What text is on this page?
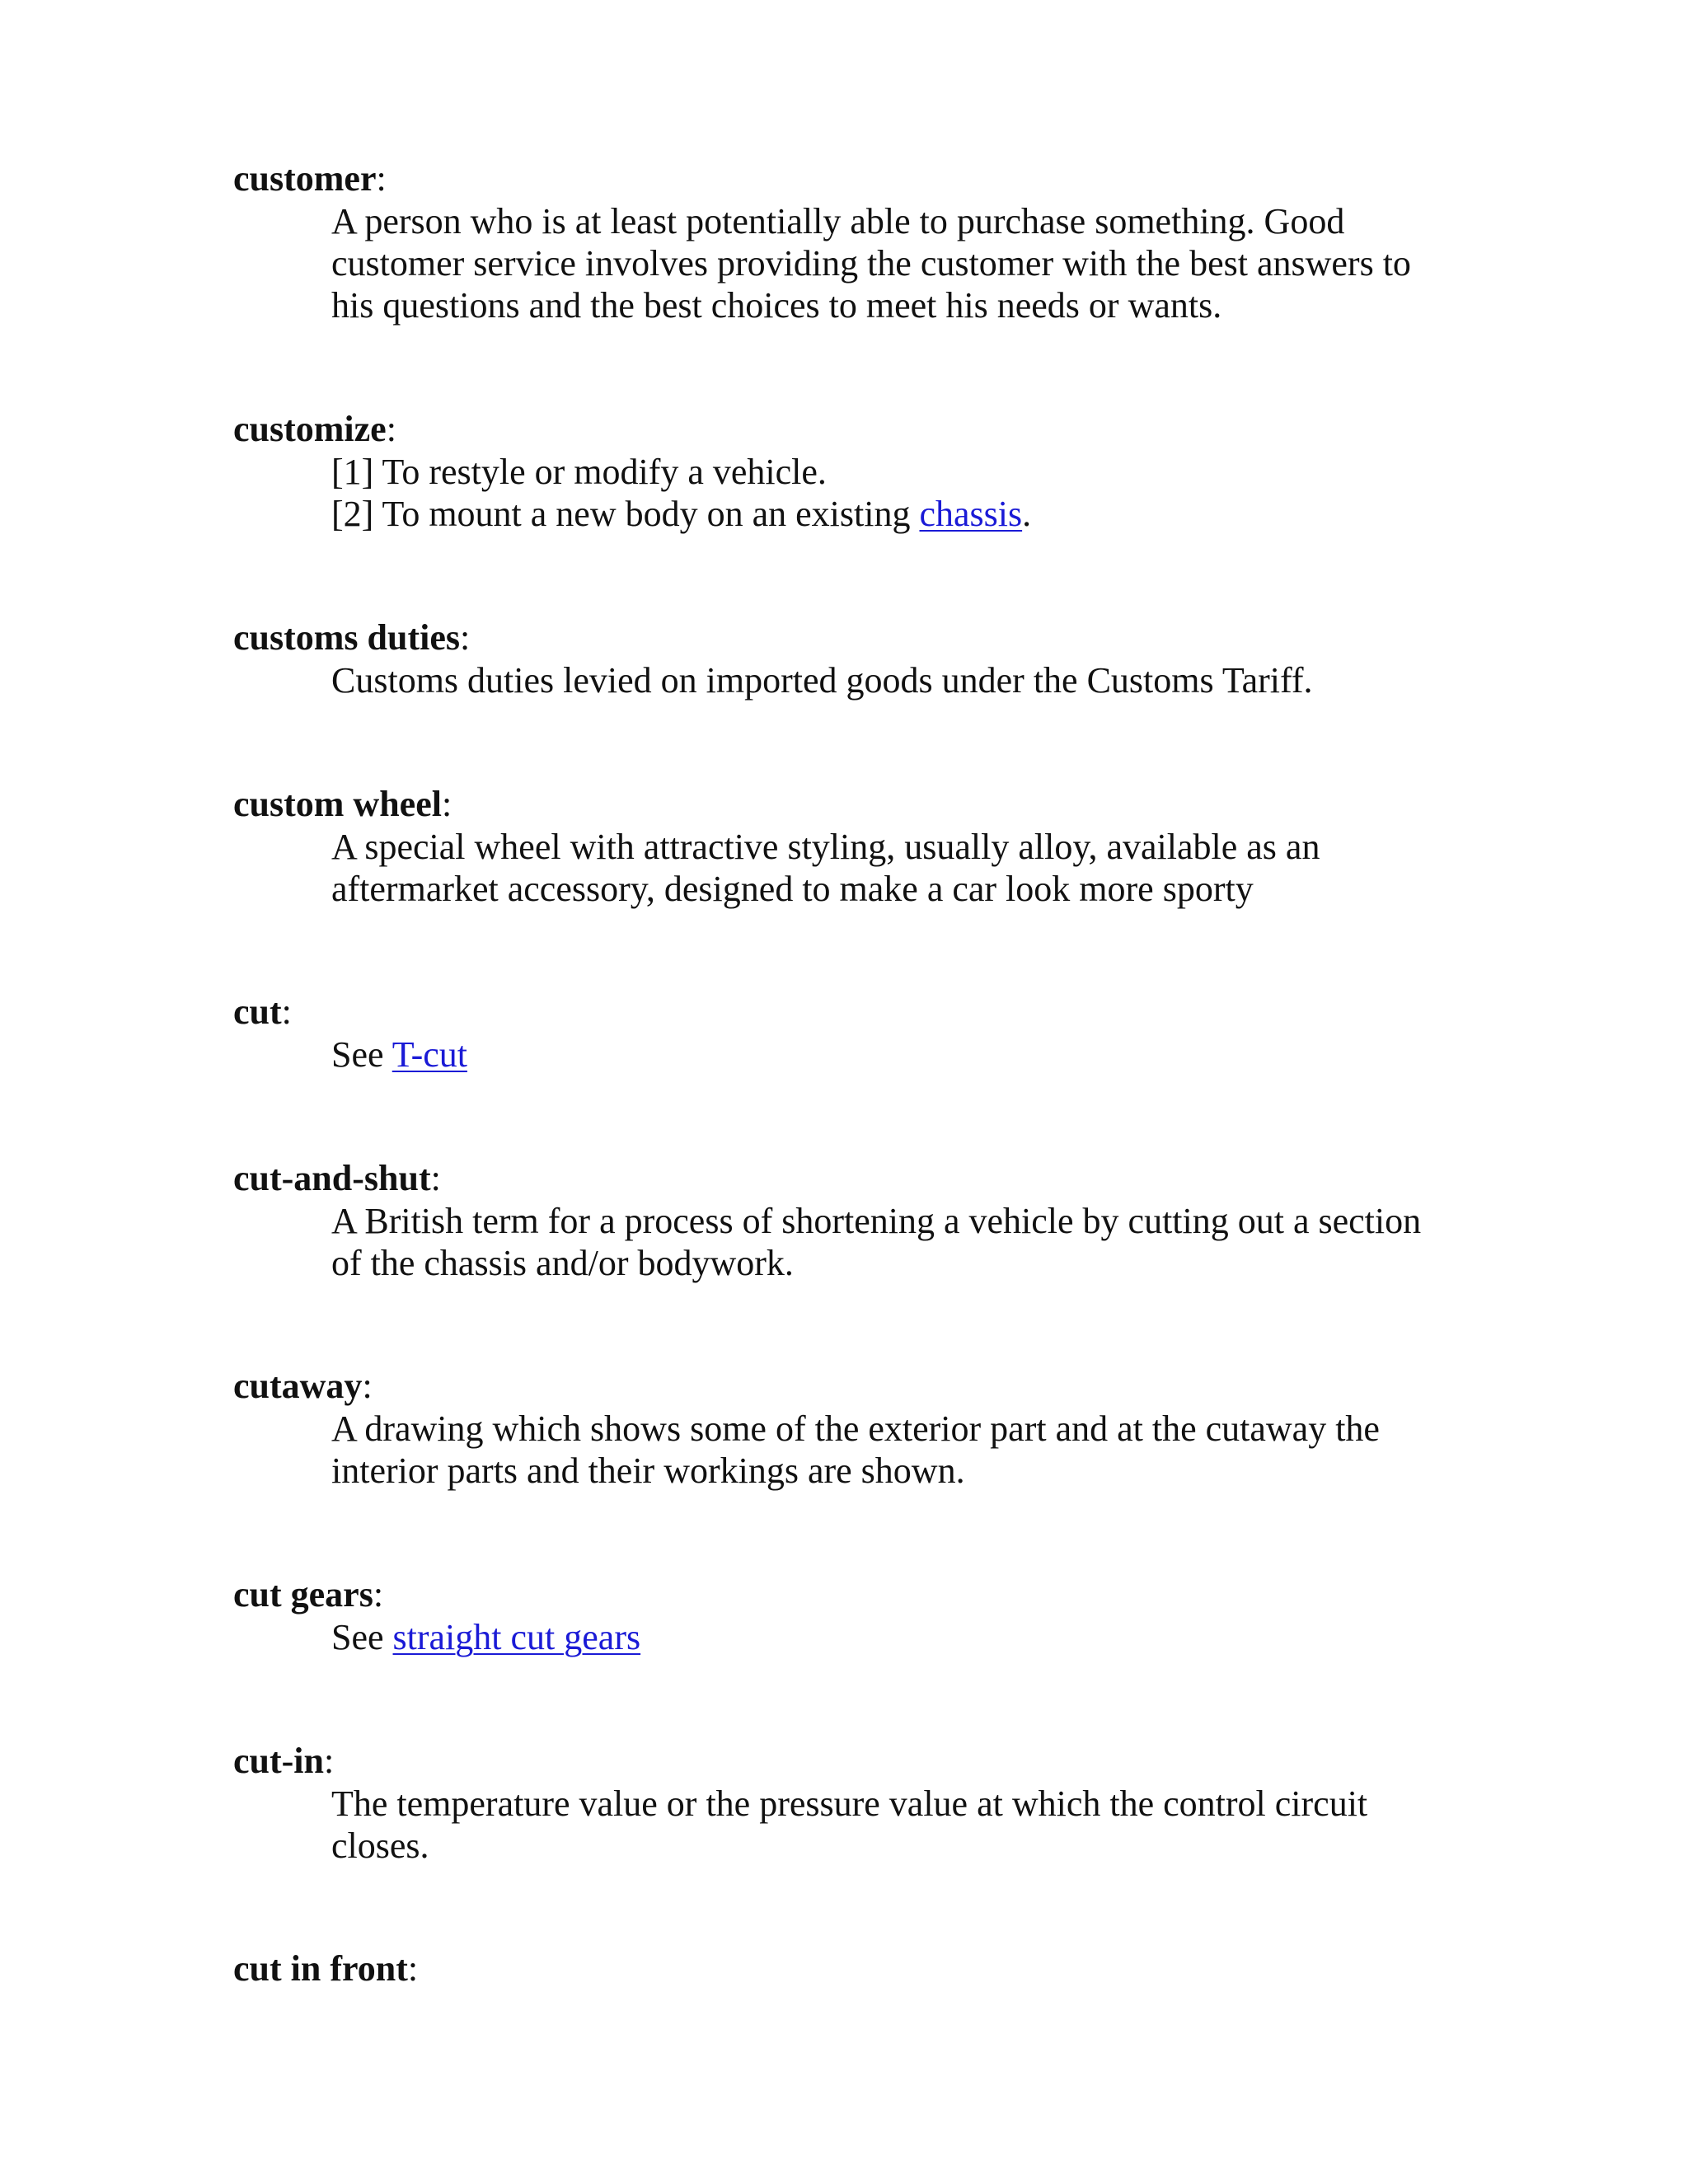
customer:
A person who is at least potentially able to purchase something. Good
customer service involves providing the customer with the best answers to
his questions and the best choices to meet his needs or wants.
customize:
[1] To restyle or modify a vehicle.
[2] To mount a new body on an existing chassis.
customs duties:
Customs duties levied on imported goods under the Customs Tariff.
custom wheel:
A special wheel with attractive styling, usually alloy, available as an
aftermarket accessory, designed to make a car look more sporty
cut:
See T-cut
cut-and-shut:
A British term for a process of shortening a vehicle by cutting out a section
of the chassis and/or bodywork.
cutaway:
A drawing which shows some of the exterior part and at the cutaway the
interior parts and their workings are shown.
cut gears:
See straight cut gears
cut-in:
The temperature value or the pressure value at which the control circuit
closes.
cut in front:
